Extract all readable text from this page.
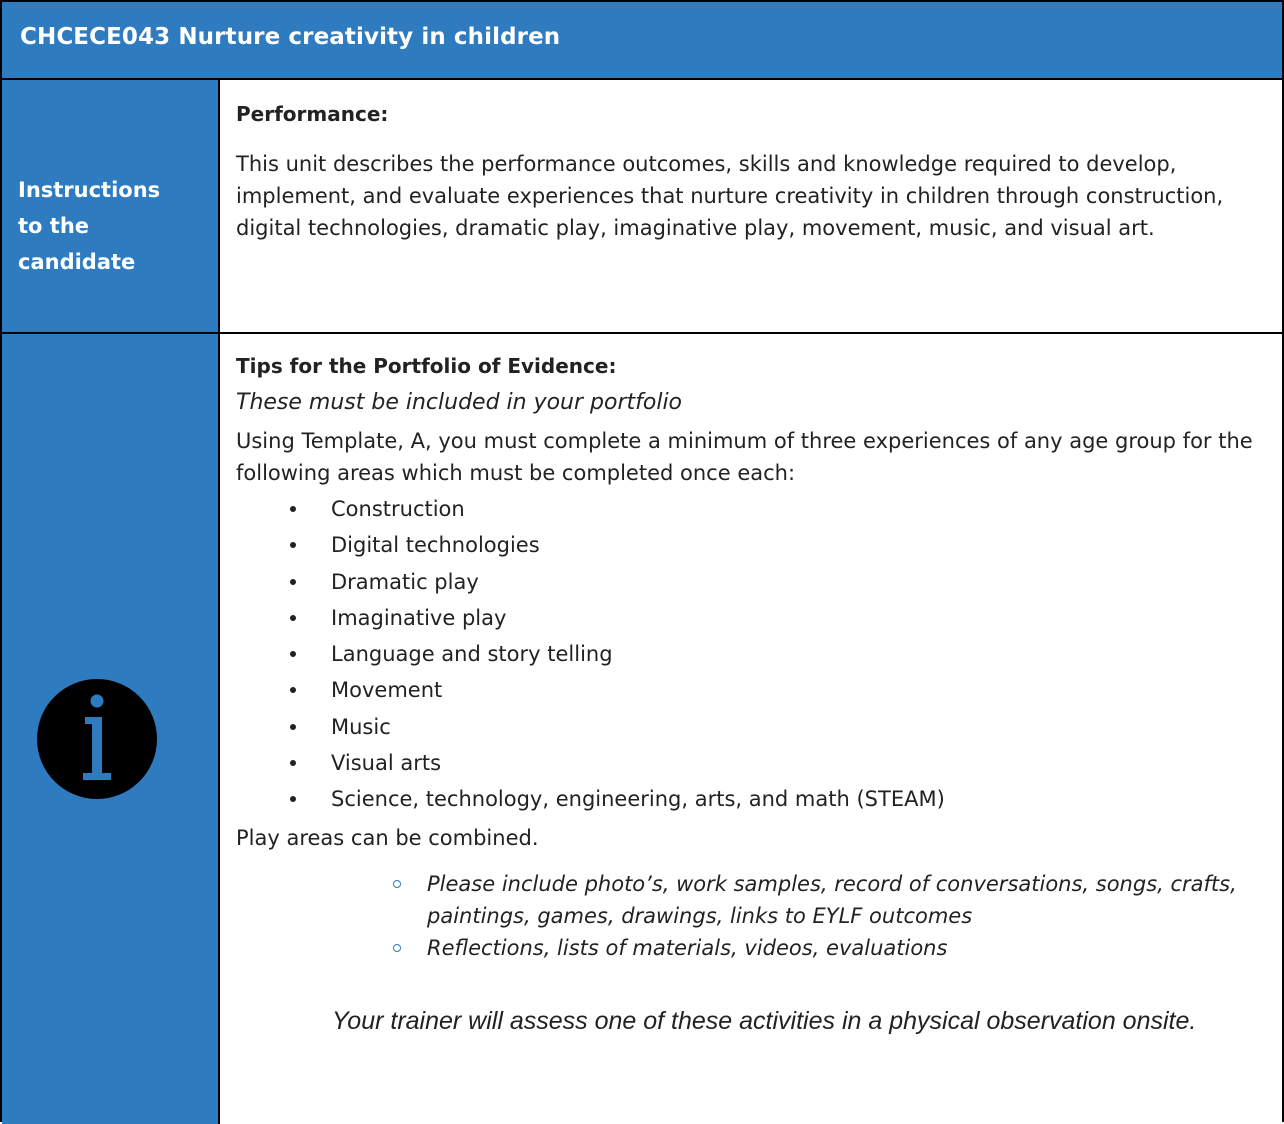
CHCECE043 Nurture creativity in children
Instructions
to the
candidate
Performance:
This unit describes the performance outcomes, skills and knowledge required to develop, implement, and evaluate experiences that nurture creativity in children through construction, digital technologies, dramatic play, imaginative play, movement, music, and visual art.
Tips for the Portfolio of Evidence:
These must be included in your portfolio
Using Template, A, you must complete a minimum of three experiences of any age group for the following areas which must be completed once each:
Construction
Digital technologies
Dramatic play
Imaginative play
Language and story telling
Movement
Music
Visual arts
Science, technology, engineering, arts, and math (STEAM)
Play areas can be combined.
Please include photo’s, work samples, record of conversations, songs, crafts, paintings, games, drawings, links to EYLF outcomes
Reflections, lists of materials, videos, evaluations
Your trainer will assess one of these activities in a physical observation onsite.
